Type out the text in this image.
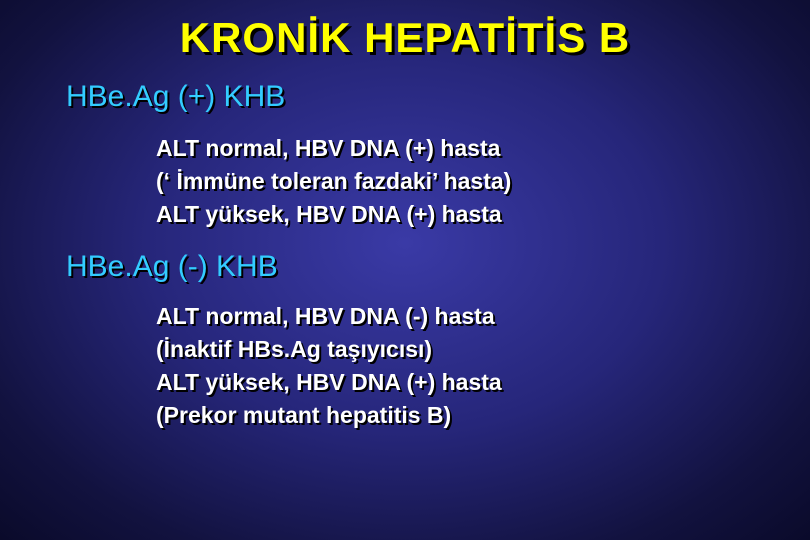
KRONİK HEPATİTİS B
HBe.Ag (+) KHB
ALT normal, HBV DNA (+) hasta
(‘ İmmüne toleran fazdaki’ hasta)
ALT yüksek, HBV DNA (+) hasta
HBe.Ag (-) KHB
ALT normal, HBV DNA (-) hasta
(İnaktif HBs.Ag taşıyıcısı)
ALT yüksek, HBV DNA (+) hasta
(Prekor mutant hepatitis B)
